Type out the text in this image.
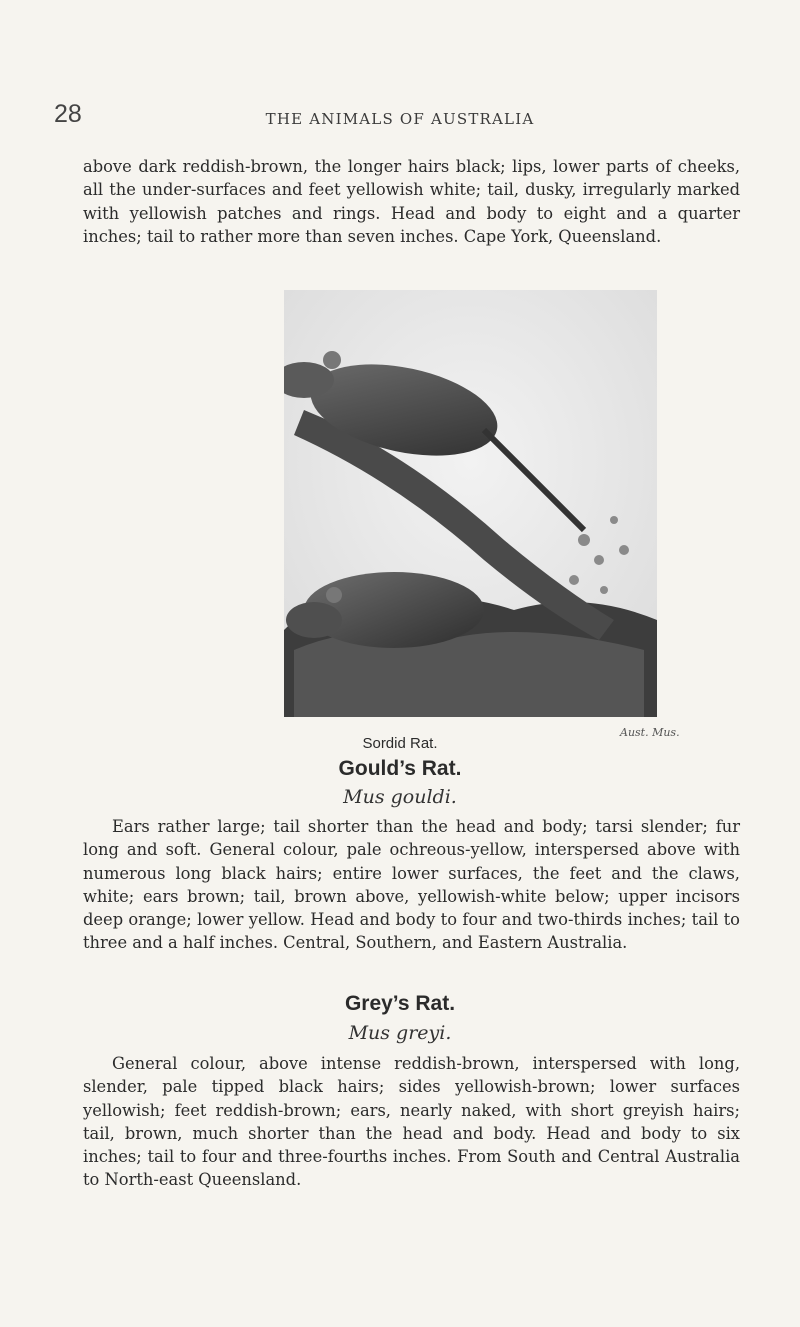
28	THE ANIMALS OF AUSTRALIA

above dark reddish-brown, the longer hairs black; lips, lower parts of cheeks, all the under-surfaces and feet yellowish white; tail, dusky, irregularly marked with yellowish patches and rings. Head and body to eight and a quarter inches; tail to rather more than seven inches. Cape York, Queensland.

Aust. Mus.
Sordid Rat.
Gould’s Rat.
Mus gouldi.

Ears rather large; tail shorter than the head and body; tarsi slender; fur long and soft. General colour, pale ochreous-yellow, interspersed above with numerous long black hairs; entire lower surfaces, the feet and the claws, white; ears brown; tail, brown above, yellowish-white below; upper incisors deep orange; lower yellow. Head and body to four and two-thirds inches; tail to three and a half inches. Central, Southern, and Eastern Australia.

Grey’s Rat.
Mus greyi.

General colour, above intense reddish-brown, interspersed with long, slender, pale tipped black hairs; sides yellowish-brown; lower surfaces yellowish; feet reddish-brown; ears, nearly naked, with short greyish hairs; tail, brown, much shorter than the head and body. Head and body to six inches; tail to four and three-fourths inches. From South and Central Australia to North-east Queensland.
